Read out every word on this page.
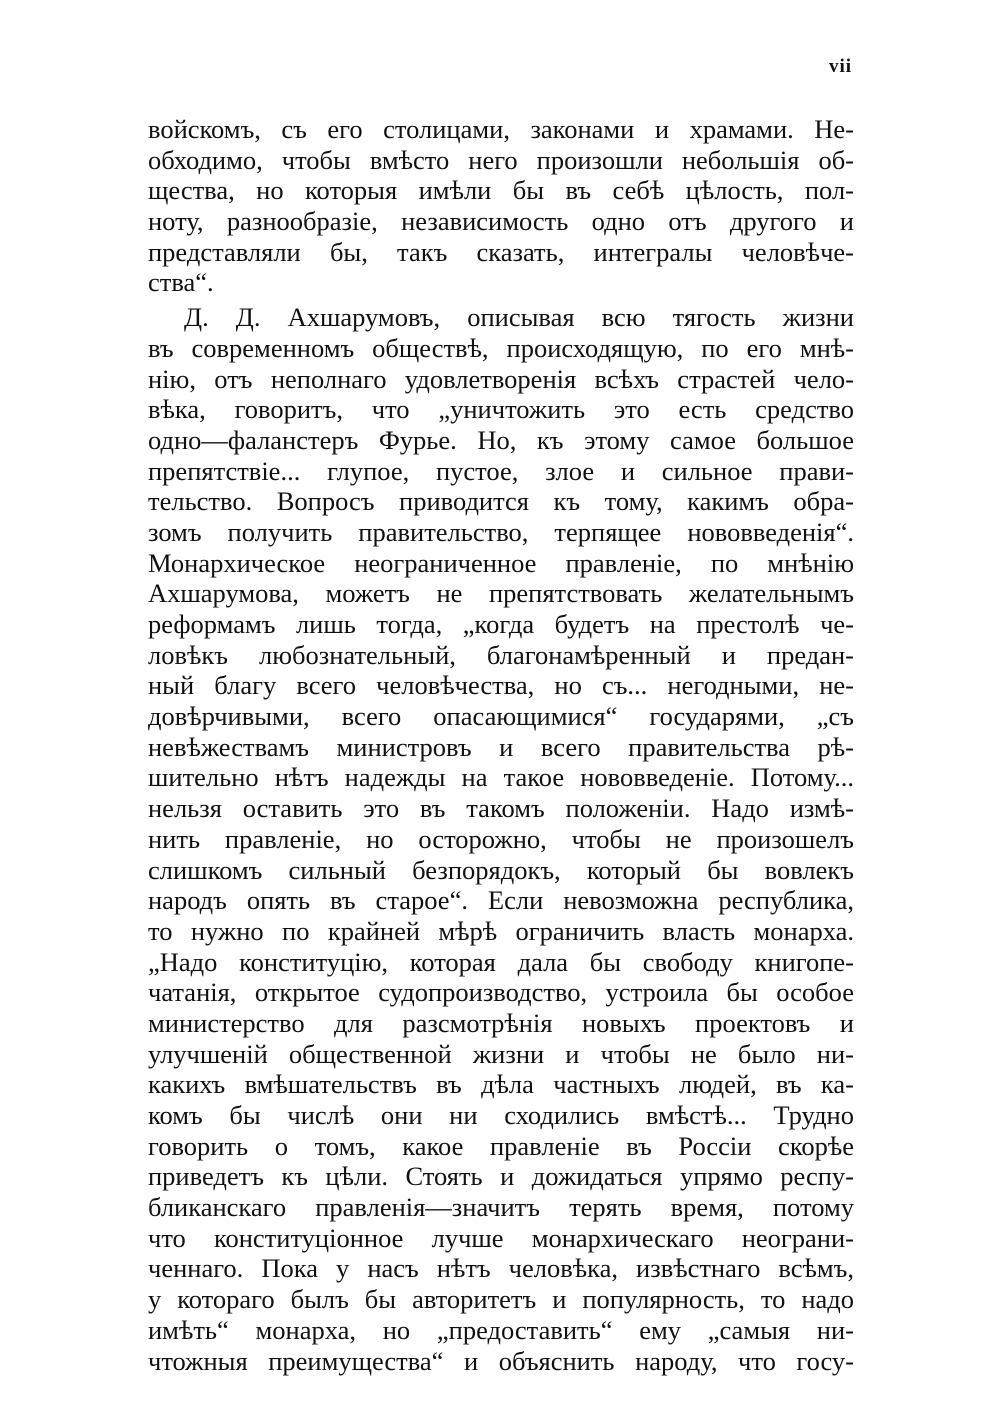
vii
войскомъ, съ его столицами, законами и храмами. Не-
обходимо, чтобы вмѣсто него произошли небольшія об-
щества, но которыя имѣли бы въ себѣ цѣлость, пол-
ноту, разнообразіе, независимость одно отъ другого и
представляли бы, такъ сказать, интегралы человѣче-
ства“.
Д. Д. Ахшарумовъ, описывая всю тягость жизни
въ современномъ обществѣ, происходящую, по его мнѣ-
нію, отъ неполнаго удовлетворенія всѣхъ страстей чело-
вѣка, говоритъ, что „уничтожить это есть средство
одно—фаланстеръ Фурье. Но, къ этому самое большое
препятствіе... глупое, пустое, злое и сильное прави-
тельство. Вопросъ приводится къ тому, какимъ обра-
зомъ получить правительство, терпящее нововведенія“.
Монархическое неограниченное правленіе, по мнѣнію
Ахшарумова, можетъ не препятствовать желательнымъ
реформамъ лишь тогда, „когда будетъ на престолѣ че-
ловѣкъ любознательный, благонамѣренный и предан-
ный благу всего человѣчества, но съ... негодными, не-
довѣрчивыми, всего опасающимися“ государями, „съ
невѣжествамъ министровъ и всего правительства рѣ-
шительно нѣтъ надежды на такое нововведеніе. Потому...
нельзя оставить это въ такомъ положеніи. Надо измѣ-
нить правленіе, но осторожно, чтобы не произошелъ
слишкомъ сильный безпорядокъ, который бы вовлекъ
народъ опять въ старое“. Если невозможна республика,
то нужно по крайней мѣрѣ ограничить власть монарха.
„Надо конституцію, которая дала бы свободу книгопе-
чатанія, открытое судопроизводство, устроила бы особое
министерство для разсмотрѣнія новыхъ проектовъ и
улучшеній общественной жизни и чтобы не было ни-
какихъ вмѣшательствъ въ дѣла частныхъ людей, въ ка-
комъ бы числѣ они ни сходились вмѣстѣ... Трудно
говорить о томъ, какое правленіе въ Россіи скорѣе
приведетъ къ цѣли. Стоять и дожидаться упрямо респу-
бликанскаго правленія—значитъ терять время, потому
что конституціонное лучше монархическаго неограни-
ченнаго. Пока у насъ нѣтъ человѣка, извѣстнаго всѣмъ,
у котораго былъ бы авторитетъ и популярность, то надо
имѣть“ монарха, но „предоставить“ ему „самыя ни-
чтожныя преимущества“ и объяснить народу, что госу-
